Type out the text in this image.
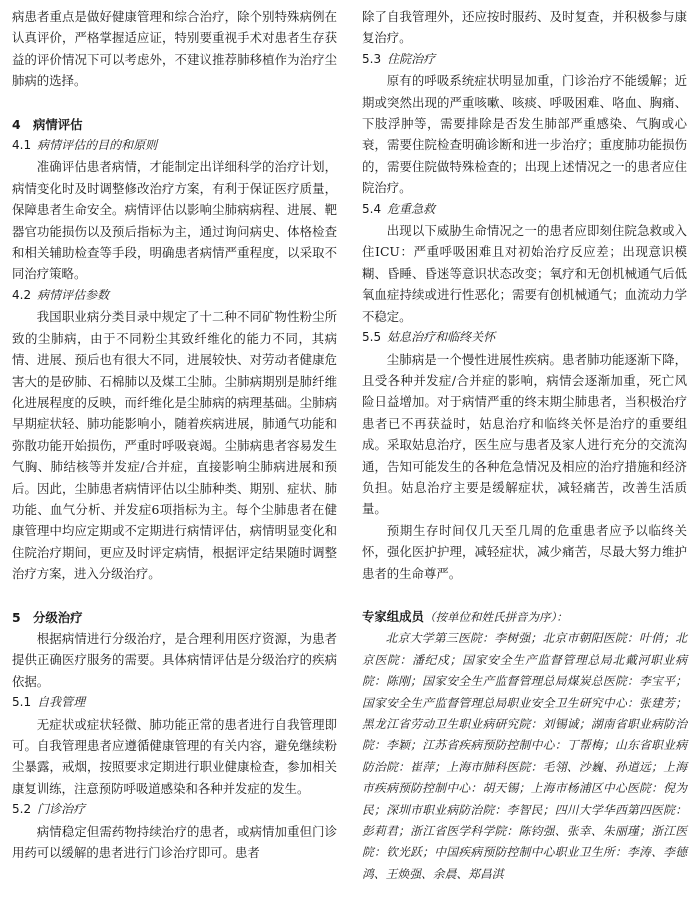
病患者重点是做好健康管理和综合治疗，除个别特殊病例在认真评价，严格掌握适应证，特别要重视手术对患者生存获益的评价情况下可以考虑外，不建议推荐肺移植作为治疗尘肺病的选择。

4　病情评估
4.1 病情评估的目的和原则

准确评估患者病情，才能制定出详细科学的治疗计划，病情变化时及时调整修改治疗方案，有利于保证医疗质量，保障患者生命安全。病情评估以影响尘肺病病程、进展、靶器官功能损伤以及预后指标为主，通过询问病史、体格检查和相关辅助检查等手段，明确患者病情严重程度，以采取不同治疗策略。

4.2 病情评估参数

我国职业病分类目录中规定了十二种不同矿物性粉尘所致的尘肺病，由于不同粉尘其致纤维化的能力不同，其病情、进展、预后也有很大不同，进展较快、对劳动者健康危害大的是矽肺、石棉肺以及煤工尘肺。尘肺病期别是肺纤维化进展程度的反映，而纤维化是尘肺病的病理基础。尘肺病早期症状轻、肺功能影响小，随着疾病进展，肺通气功能和弥散功能开始损伤，严重时呼吸衰竭。尘肺病患者容易发生气胸、肺结核等并发症/合并症，直接影响尘肺病进展和预后。因此，尘肺患者病情评估以尘肺种类、期别、症状、肺功能、血气分析、并发症6项指标为主。每个尘肺患者在健康管理中均应定期或不定期进行病情评估，病情明显变化和住院治疗期间，更应及时评定病情，根据评定结果随时调整治疗方案，进入分级治疗。

5　分级治疗

根据病情进行分级治疗，是合理利用医疗资源，为患者提供正确医疗服务的需要。具体病情评估是分级治疗的疾病依据。

5.1 自我管理

无症状或症状轻微、肺功能正常的患者进行自我管理即可。自我管理患者应遵循健康管理的有关内容，避免继续粉尘暴露，戒烟，按照要求定期进行职业健康检查，参加相关康复训练，注意预防呼吸道感染和各种并发症的发生。

5.2 门诊治疗

病情稳定但需药物持续治疗的患者，或病情加重但门诊用药可以缓解的患者进行门诊治疗即可。患者

除了自我管理外，还应按时服药、及时复查，并积极参与康复治疗。

5.3 住院治疗

原有的呼吸系统症状明显加重，门诊治疗不能缓解；近期或突然出现的严重咳嗽、咳痰、呼吸困难、咯血、胸痛、下肢浮肿等，需要排除是否发生肺部严重感染、气胸或心衰，需要住院检查明确诊断和进一步治疗；重度肺功能损伤的，需要住院做特殊检查的；出现上述情况之一的患者应住院治疗。

5.4 危重急救

出现以下威胁生命情况之一的患者应即刻住院急救或入住ICU：严重呼吸困难且对初始治疗反应差；出现意识模糊、昏睡、昏迷等意识状态改变；氧疗和无创机械通气后低氧血症持续或进行性恶化；需要有创机械通气；血流动力学不稳定。

5.5 姑息治疗和临终关怀

尘肺病是一个慢性进展性疾病。患者肺功能逐渐下降，且受各种并发症/合并症的影响，病情会逐渐加重，死亡风险日益增加。对于病情严重的终末期尘肺患者，当积极治疗患者已不再获益时，姑息治疗和临终关怀是治疗的重要组成。采取姑息治疗，医生应与患者及家人进行充分的交流沟通，告知可能发生的各种危急情况及相应的治疗措施和经济负担。姑息治疗主要是缓解症状，减轻痛苦，改善生活质量。

预期生存时间仅几天至几周的危重患者应予以临终关怀，强化医护护理，减轻症状，减少痛苦，尽最大努力维护患者的生命尊严。

专家组成员（按单位和姓氏拼音为序）：

北京大学第三医院：李树强；北京市朝阳医院：叶俏；北京医院：潘纪戍；国家安全生产监督管理总局北戴河职业病院：陈刚；国家安全生产监督管理总局煤炭总医院：李宝平；国家安全生产监督管理总局职业安全卫生研究中心：张建芳；黑龙江省劳动卫生职业病研究院：刘锡诚；湖南省职业病防治院：李颖；江苏省疾病预防控制中心：丁帮梅；山东省职业病防治院：崔萍；上海市肺科医院：毛翎、沙巍、孙道远；上海市疾病预防控制中心：胡天锡；上海市杨浦区中心医院：倪为民；深圳市职业病防治院：李智民；四川大学华西第四医院：彭莉君；浙江省医学科学院：陈钧强、张幸、朱丽瑾；浙江医院：钦光跃；中国疾病预防控制中心职业卫生所：李涛、李德鸿、王焕强、余晨、郑昌淇
